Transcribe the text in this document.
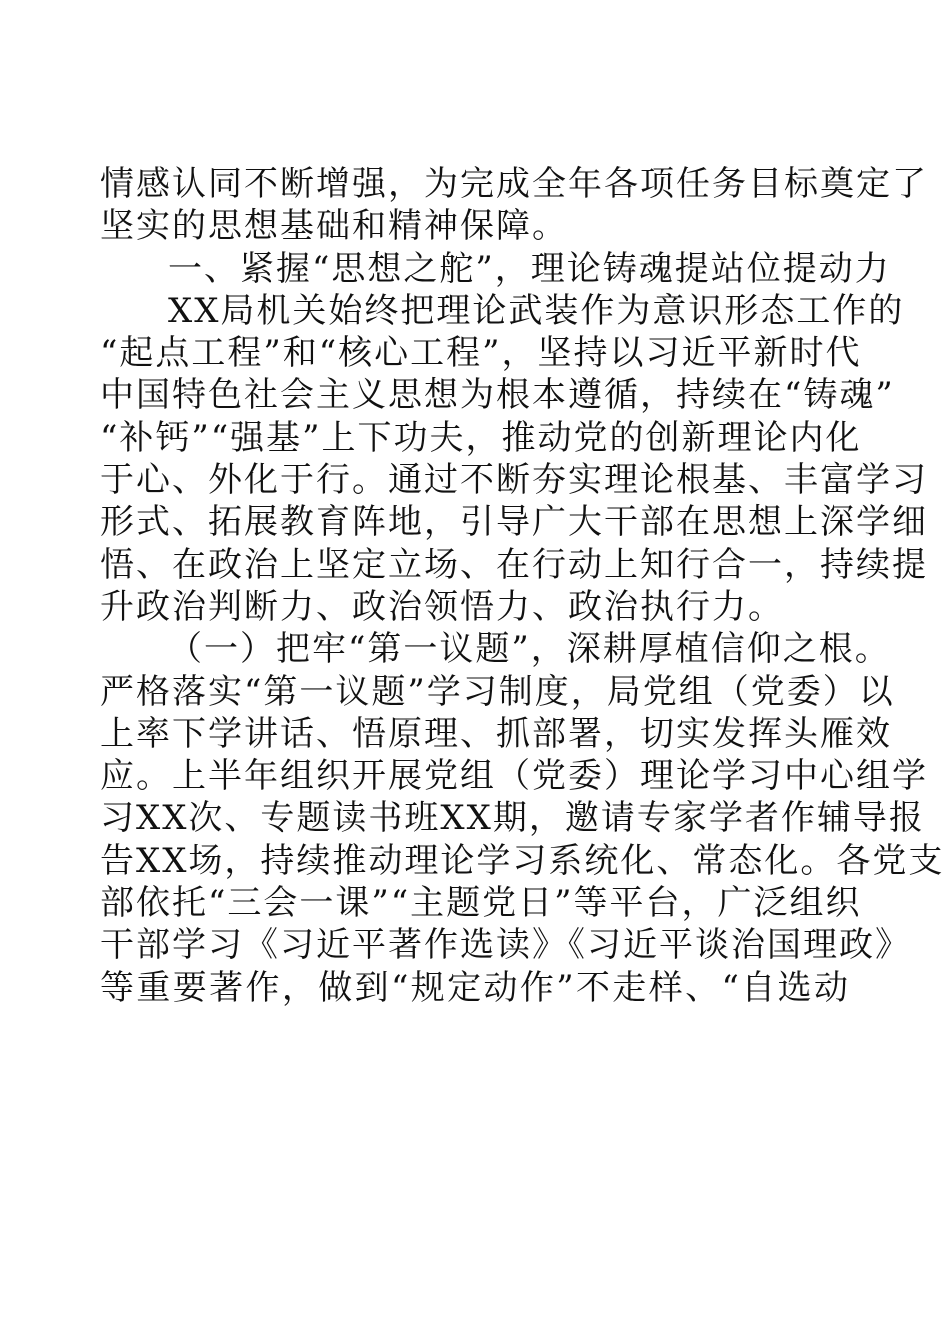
情感认同不断增强，为完成全年各项任务目标奠定了
坚实的思想基础和精神保障。
一、紧握“思想之舵”，理论铸魂提站位提动力
XX局机关始终把理论武装作为意识形态工作的
“起点工程”和“核心工程”，坚持以习近平新时代
中国特色社会主义思想为根本遵循，持续在“铸魂”
“补钙”“强基”上下功夫，推动党的创新理论内化
于心、外化于行。通过不断夯实理论根基、丰富学习
形式、拓展教育阵地，引导广大干部在思想上深学细
悟、在政治上坚定立场、在行动上知行合一，持续提
升政治判断力、政治领悟力、政治执行力。
（一）把牢“第一议题”，深耕厚植信仰之根。
严格落实“第一议题”学习制度，局党组（党委）以
上率下学讲话、悟原理、抓部署，切实发挥头雁效
应。上半年组织开展党组（党委）理论学习中心组学
习XX次、专题读书班XX期，邀请专家学者作辅导报
告XX场，持续推动理论学习系统化、常态化。各党支
部依托“三会一课”“主题党日”等平台，广泛组织
干部学习《习近平著作选读》《习近平谈治国理政》
等重要著作，做到“规定动作”不走样、“自选动
